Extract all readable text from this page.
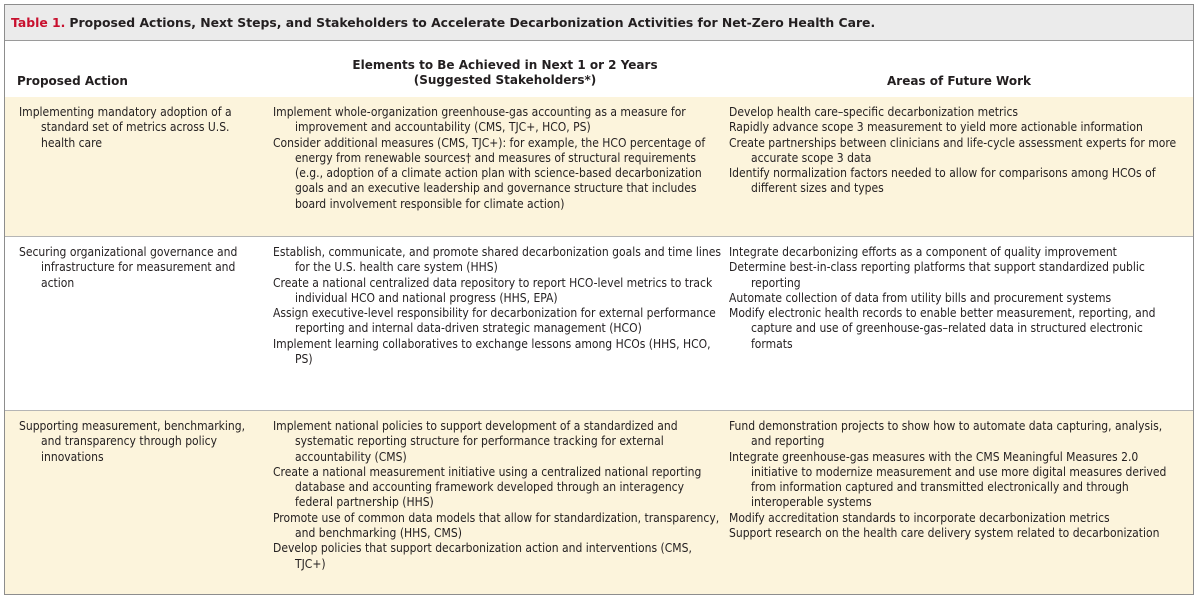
Table 1. Proposed Actions, Next Steps, and Stakeholders to Accelerate Decarbonization Activities for Net-Zero Health Care.
Proposed Action
Elements to Be Achieved in Next 1 or 2 Years
(Suggested Stakeholders*)	Areas of Future Work

Implementing mandatory adoption of a standard set of metrics across U.S. health care

Implement whole-organization greenhouse-gas accounting as a measure for improvement and accountability (CMS, TJC+, HCO, PS)

Consider additional measures (CMS, TJC+): for example, the HCO percentage of energy from renewable sources† and measures of structural requirements (e.g., adoption of a climate action plan with science-based decarbonization goals and an executive leadership and governance structure that includes board involvement responsible for climate action)

Develop health care–specific decarbonization metrics

Rapidly advance scope 3 measurement to yield more actionable information

Create partnerships between clinicians and life-cycle assessment experts for more accurate scope 3 data

Identify normalization factors needed to allow for comparisons among HCOs of different sizes and types

Securing organizational governance and infrastructure for measurement and action

Establish, communicate, and promote shared decarbonization goals and time lines for the U.S. health care system (HHS)

Create a national centralized data repository to report HCO-level metrics to track individual HCO and national progress (HHS, EPA)

Assign executive-level responsibility for decarbonization for external performance reporting and internal data-driven strategic management (HCO)

Implement learning collaboratives to exchange lessons among HCOs (HHS, HCO, PS)

Integrate decarbonizing efforts as a component of quality improvement

Determine best-in-class reporting platforms that support standardized public reporting

Automate collection of data from utility bills and procurement systems

Modify electronic health records to enable better measurement, reporting, and capture and use of greenhouse-gas–related data in structured electronic formats

Supporting measurement, benchmarking, and transparency through policy innovations

Implement national policies to support development of a standardized and systematic reporting structure for performance tracking for external accountability (CMS)

Create a national measurement initiative using a centralized national reporting database and accounting framework developed through an interagency federal partnership (HHS)

Promote use of common data models that allow for standardization, transparency, and benchmarking (HHS, CMS)

Develop policies that support decarbonization action and interventions (CMS, TJC+)

Fund demonstration projects to show how to automate data capturing, analysis, and reporting

Integrate greenhouse-gas measures with the CMS Meaningful Measures 2.0 initiative to modernize measurement and use more digital measures derived from information captured and transmitted electronically and through interoperable systems

Modify accreditation standards to incorporate decarbonization metrics

Support research on the health care delivery system related to decarbonization
